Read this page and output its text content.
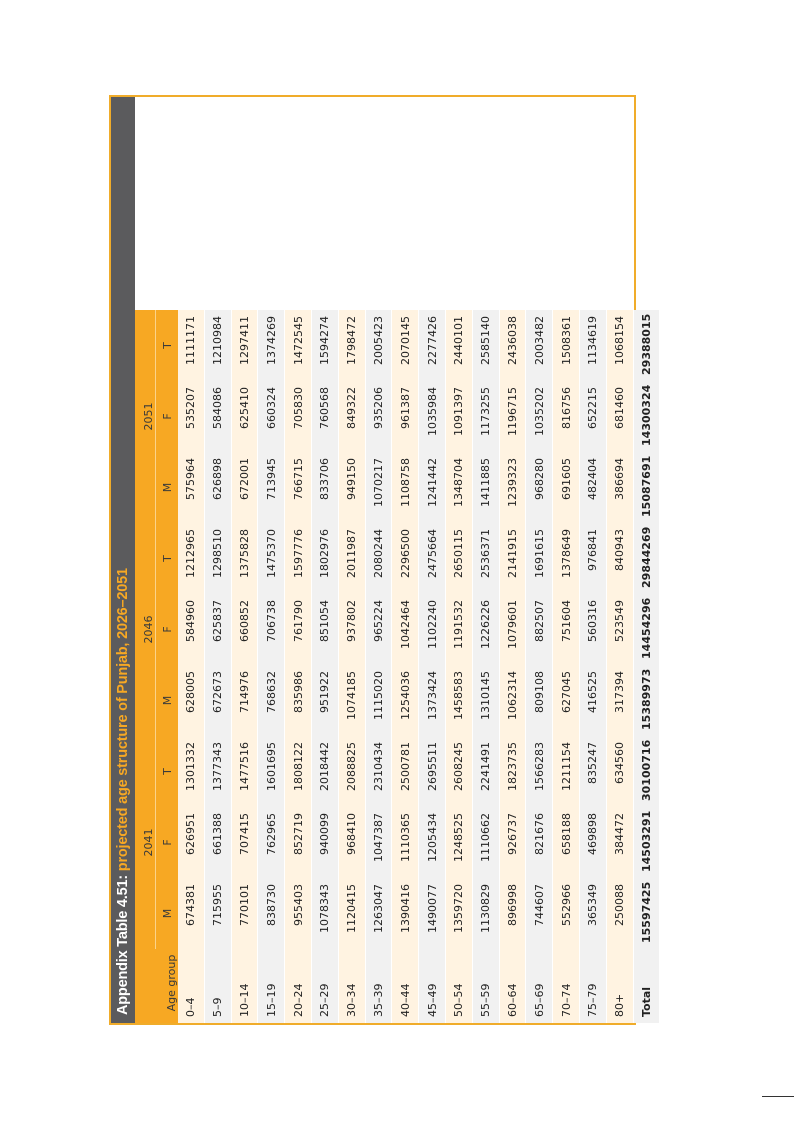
Appendix Table 4.51: projected age structure of Punjab, 2026–2051
Age group	2041			2046			2051		
	M	F	T	M	F	T	M	F	T
0–4	674381	626951	1301332	628005	584960	1212965	575964	535207	1111171
5–9	715955	661388	1377343	672673	625837	1298510	626898	584086	1210984
10–14	770101	707415	1477516	714976	660852	1375828	672001	625410	1297411
15–19	838730	762965	1601695	768632	706738	1475370	713945	660324	1374269
20–24	955403	852719	1808122	835986	761790	1597776	766715	705830	1472545
25–29	1078343	940099	2018442	951922	851054	1802976	833706	760568	1594274
30–34	1120415	968410	2088825	1074185	937802	2011987	949150	849322	1798472
35–39	1263047	1047387	2310434	1115020	965224	2080244	1070217	935206	2005423
40–44	1390416	1110365	2500781	1254036	1042464	2296500	1108758	961387	2070145
45–49	1490077	1205434	2695511	1373424	1102240	2475664	1241442	1035984	2277426
50–54	1359720	1248525	2608245	1458583	1191532	2650115	1348704	1091397	2440101
55–59	1130829	1110662	2241491	1310145	1226226	2536371	1411885	1173255	2585140
60–64	896998	926737	1823735	1062314	1079601	2141915	1239323	1196715	2436038
65–69	744607	821676	1566283	809108	882507	1691615	968280	1035202	2003482
70–74	552966	658188	1211154	627045	751604	1378649	691605	816756	1508361
75–79	365349	469898	835247	416525	560316	976841	482404	652215	1134619
80+	250088	384472	634560	317394	523549	840943	386694	681460	1068154
Total	15597425	14503291	30100716	15389973	14454296	29844269	15087691	14300324	29388015
